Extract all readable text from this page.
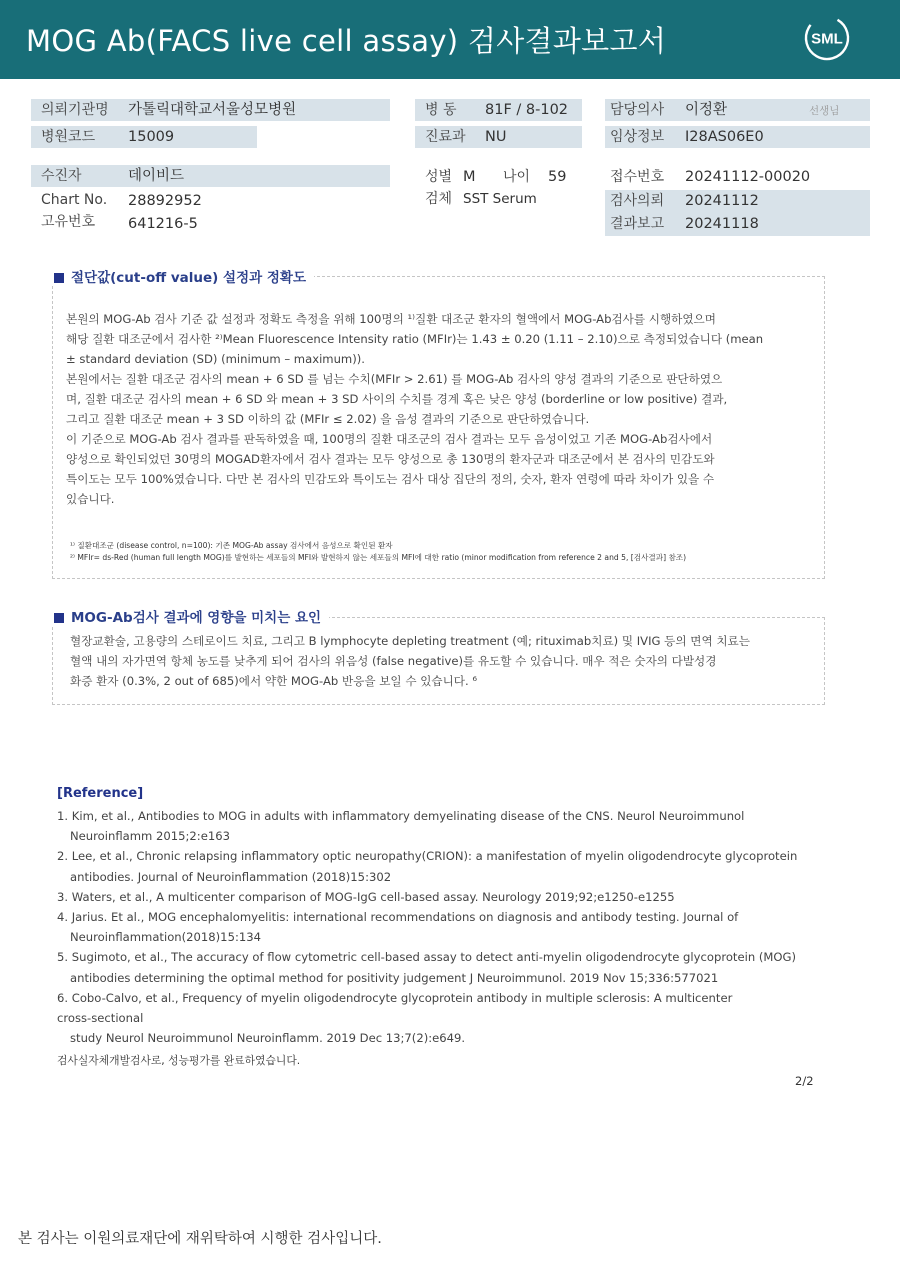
MOG Ab(FACS live cell assay) 검사결과보고서	SML
의뢰기관명 가톨릭대학교서울성모병원
병원코드 15009
수진자	데이비드
Chart No. 28892952
고유번호 641216-5
병 동 81F / 8-102
진료과 NU
성별 M 나이 59
검체 SST Serum
담당의사 이정환	선생님
임상정보 I28AS06E0
접수번호 20241112-00020
검사의뢰 20241112
결과보고 20241118
절단값(cut-off value) 설정과 정확도
본원의 MOG-Ab 검사 기준 값 설정과 정확도 측정을 위해 100명의 ¹⁾질환 대조군 환자의 혈액에서 MOG-Ab검사를 시행하였으며
해당 질환 대조군에서 검사한 ²⁾Mean Fluorescence Intensity ratio (MFIr)는 1.43 ± 0.20 (1.11 – 2.10)으로 측정되었습니다 (mean
± standard deviation (SD) (minimum – maximum)).
본원에서는 질환 대조군 검사의 mean + 6 SD 를 넘는 수치(MFIr > 2.61) 를 MOG-Ab 검사의 양성 결과의 기준으로 판단하였으
며, 질환 대조군 검사의 mean + 6 SD 와 mean + 3 SD 사이의 수치를 경계 혹은 낮은 양성 (borderline or low positive) 결과,
그리고 질환 대조군 mean + 3 SD 이하의 값 (MFIr ≤ 2.02) 을 음성 결과의 기준으로 판단하였습니다.
이 기준으로 MOG-Ab 검사 결과를 판독하였을 때, 100명의 질환 대조군의 검사 결과는 모두 음성이었고 기존 MOG-Ab검사에서
양성으로 확인되었던 30명의 MOGAD환자에서 검사 결과는 모두 양성으로 총 130명의 환자군과 대조군에서 본 검사의 민감도와
특이도는 모두 100%였습니다. 다만 본 검사의 민감도와 특이도는 검사 대상 집단의 정의, 숫자, 환자 연령에 따라 차이가 있을 수
있습니다.
¹⁾ 질환대조군 (disease control, n=100): 기존 MOG-Ab assay 검사에서 음성으로 확인된 환자
²⁾ MFIr= ds-Red (human full length MOG)를 발현하는 세포들의 MFI와 발현하지 않는 세포들의 MFI에 대한 ratio (minor modification from reference 2 and 5, [검사결과] 참조)
MOG-Ab검사 결과에 영향을 미치는 요인
혈장교환술, 고용량의 스테로이드 치료, 그리고 B lymphocyte depleting treatment (예; rituximab치료) 및 IVIG 등의 면역 치료는
혈액 내의 자가면역 항체 농도를 낮추게 되어 검사의 위음성 (false negative)를 유도할 수 있습니다. 매우 적은 숫자의 다발성경
화증 환자 (0.3%, 2 out of 685)에서 약한 MOG-Ab 반응을 보일 수 있습니다. ⁶
[Reference]
1. Kim, et al., Antibodies to MOG in adults with inflammatory demyelinating disease of the CNS. Neurol Neuroimmunol
Neuroinflamm 2015;2:e163
2. Lee, et al., Chronic relapsing inflammatory optic neuropathy(CRION): a manifestation of myelin oligodendrocyte glycoprotein
antibodies. Journal of Neuroinflammation (2018)15:302
3. Waters, et al., A multicenter comparison of MOG-IgG cell-based assay. Neurology 2019;92;e1250-e1255
4. Jarius. Et al., MOG encephalomyelitis: international recommendations on diagnosis and antibody testing. Journal of
Neuroinflammation(2018)15:134
5. Sugimoto, et al., The accuracy of flow cytometric cell-based assay to detect anti-myelin oligodendrocyte glycoprotein (MOG)
antibodies determining the optimal method for positivity judgement J Neuroimmunol. 2019 Nov 15;336:577021
6. Cobo-Calvo, et al., Frequency of myelin oligodendrocyte glycoprotein antibody in multiple sclerosis: A multicenter
cross-sectional
study Neurol Neuroimmunol Neuroinflamm. 2019 Dec 13;7(2):e649.
검사실자체개발검사로, 성능평가를 완료하였습니다.
2/2
본 검사는 이원의료재단에 재위탁하여 시행한 검사입니다.
